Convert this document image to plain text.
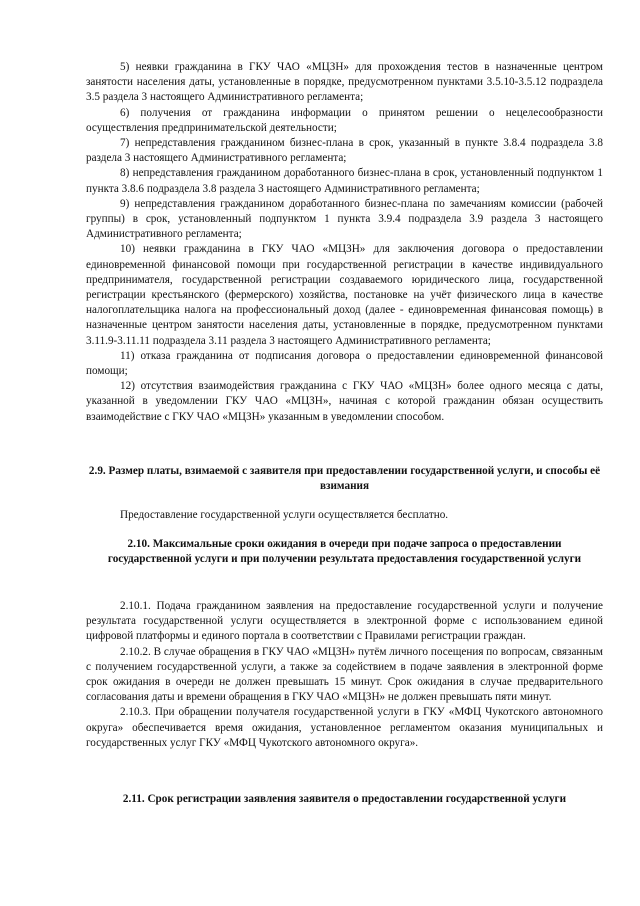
5) неявки гражданина в ГКУ ЧАО «МЦЗН» для прохождения тестов в назначенные центром занятости населения даты, установленные в порядке, предусмотренном пунктами 3.5.10-3.5.12 подраздела 3.5 раздела 3 настоящего Административного регламента;

6) получения от гражданина информации о принятом решении о нецелесообразности осуществления предпринимательской деятельности;

7) непредставления гражданином бизнес-плана в срок, указанный в пункте 3.8.4 подраздела 3.8 раздела 3 настоящего Административного регламента;

8) непредставления гражданином доработанного бизнес-плана в срок, установленный подпунктом 1 пункта 3.8.6 подраздела 3.8 раздела 3 настоящего Административного регламента;

9) непредставления гражданином доработанного бизнес-плана по замечаниям комиссии (рабочей группы) в срок, установленный подпунктом 1 пункта 3.9.4 подраздела 3.9 раздела 3 настоящего Административного регламента;

10) неявки гражданина в ГКУ ЧАО «МЦЗН» для заключения договора о предоставлении единовременной финансовой помощи при государственной регистрации в качестве индивидуального предпринимателя, государственной регистрации создаваемого юридического лица, государственной регистрации крестьянского (фермерского) хозяйства, постановке на учёт физического лица в качестве налогоплательщика налога на профессиональный доход (далее - единовременная финансовая помощь) в назначенные центром занятости населения даты, установленные в порядке, предусмотренном пунктами 3.11.9-3.11.11 подраздела 3.11 раздела 3 настоящего Административного регламента;

11) отказа гражданина от подписания договора о предоставлении единовременной финансовой помощи;

12) отсутствия взаимодействия гражданина с ГКУ ЧАО «МЦЗН» более одного месяца с даты, указанной в уведомлении ГКУ ЧАО «МЦЗН», начиная с которой гражданин обязан осуществить взаимодействие с ГКУ ЧАО «МЦЗН» указанным в уведомлении способом.

2.9. Размер платы, взимаемой с заявителя при предоставлении государственной услуги, и способы её взимания

Предоставление государственной услуги осуществляется бесплатно.

2.10. Максимальные сроки ожидания в очереди при подаче запроса о предоставлении государственной услуги и при получении результата предоставления государственной услуги

2.10.1. Подача гражданином заявления на предоставление государственной услуги и получение результата государственной услуги осуществляется в электронной форме с использованием единой цифровой платформы и единого портала в соответствии с Правилами регистрации граждан.

2.10.2. В случае обращения в ГКУ ЧАО «МЦЗН» путём личного посещения по вопросам, связанным с получением государственной услуги, а также за содействием в подаче заявления в электронной форме срок ожидания в очереди не должен превышать 15 минут. Срок ожидания в случае предварительного согласования даты и времени обращения в ГКУ ЧАО «МЦЗН» не должен превышать пяти минут.

2.10.3. При обращении получателя государственной услуги в ГКУ «МФЦ Чукотского автономного округа» обеспечивается время ожидания, установленное регламентом оказания муниципальных и государственных услуг ГКУ «МФЦ Чукотского автономного округа».

2.11. Срок регистрации заявления заявителя о предоставлении государственной услуги
